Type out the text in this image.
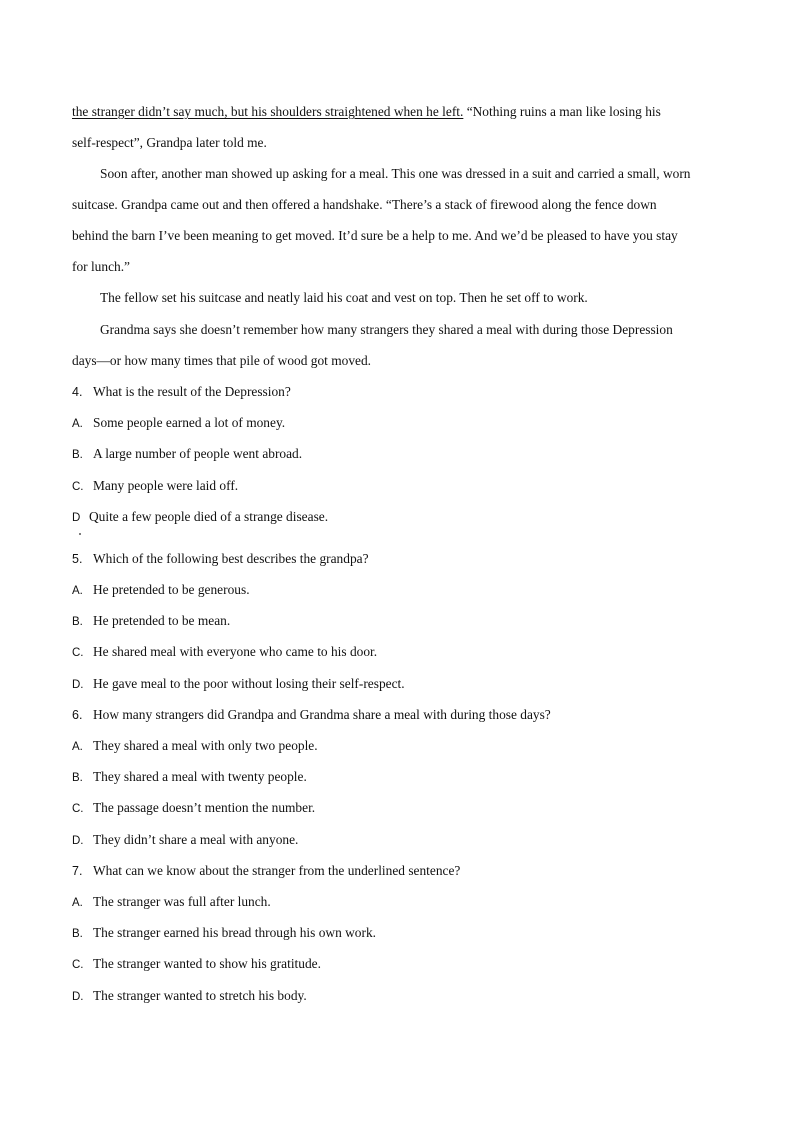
the stranger didn’t say much, but his shoulders straightened when he left. “Nothing ruins a man like losing his
self-respect”, Grandpa later told me.
Soon after, another man showed up asking for a meal. This one was dressed in a suit and carried a small, worn
suitcase. Grandpa came out and then offered a handshake. “There’s a stack of firewood along the fence down
behind the barn I’ve been meaning to get moved. It’d sure be a help to me. And we’d be pleased to have you stay
for lunch.”
The fellow set his suitcase and neatly laid his coat and vest on top. Then he set off to work.
Grandma says she doesn’t remember how many strangers they shared a meal with during those Depression
days—or how many times that pile of wood got moved.
4. What is the result of the Depression?
A. Some people earned a lot of money.
B. A large number of people went abroad.
C. Many people were laid off.
D Quite a few people died of a strange disease.
5. Which of the following best describes the grandpa?
A. He pretended to be generous.
B. He pretended to be mean.
C. He shared meal with everyone who came to his door.
D. He gave meal to the poor without losing their self-respect.
6. How many strangers did Grandpa and Grandma share a meal with during those days?
A. They shared a meal with only two people.
B. They shared a meal with twenty people.
C. The passage doesn’t mention the number.
D. They didn’t share a meal with anyone.
7. What can we know about the stranger from the underlined sentence?
A. The stranger was full after lunch.
B. The stranger earned his bread through his own work.
C. The stranger wanted to show his gratitude.
D. The stranger wanted to stretch his body.
